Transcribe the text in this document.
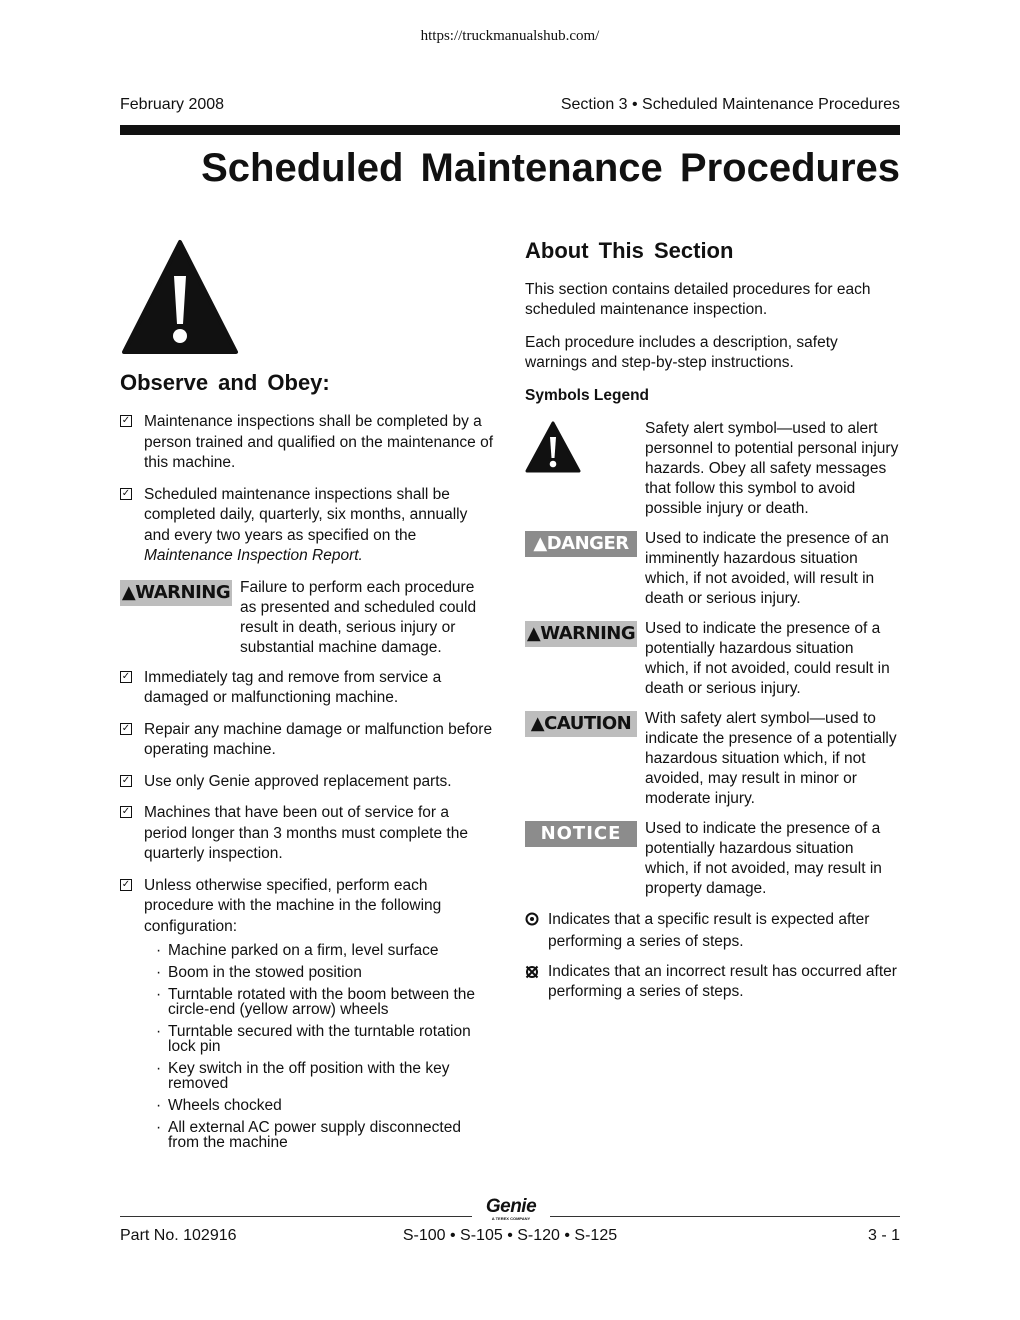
https://truckmanualshub.com/
February 2008	Section 3 • Scheduled Maintenance Procedures
Scheduled Maintenance Procedures
Observe and Obey:
✓ Maintenance inspections shall be completed by a person trained and qualified on the maintenance of this machine.
✓ Scheduled maintenance inspections shall be completed daily, quarterly, six months, annually and every two years as specified on the Maintenance Inspection Report.
▲WARNING Failure to perform each procedure as presented and scheduled could result in death, serious injury or substantial machine damage.

✓ Immediately tag and remove from service a damaged or malfunctioning machine.
✓ Repair any machine damage or malfunction before operating machine.
✓ Use only Genie approved replacement parts.
✓ Machines that have been out of service for a period longer than 3 months must complete the quarterly inspection.
✓ Unless otherwise specified, perform each procedure with the machine in the following configuration:
· Machine parked on a firm, level surface
· Boom in the stowed position
· Turntable rotated with the boom between the circle-end (yellow arrow) wheels
· Turntable secured with the turntable rotation lock pin
· Key switch in the off position with the key removed
· Wheels chocked
· All external AC power supply disconnected from the machine
About This Section

This section contains detailed procedures for each scheduled maintenance inspection.

Each procedure includes a description, safety warnings and step-by-step instructions.

Symbols Legend
Safety alert symbol—used to alert personnel to potential personal injury hazards. Obey all safety messages that follow this symbol to avoid possible injury or death.
▲DANGER	Used to indicate the presence of an imminently hazardous situation which, if not avoided, will result in death or serious injury.
▲WARNING Used to indicate the presence of a potentially hazardous situation which, if not avoided, could result in death or serious injury.
▲CAUTION With safety alert symbol—used to indicate the presence of a potentially hazardous situation which, if not avoided, may result in minor or moderate injury.
NOTICE	Used to indicate the presence of a potentially hazardous situation which, if not avoided, may result in property damage.

Indicates that a specific result is expected after performing a series of steps.

Indicates that an incorrect result has occurred after performing a series of steps.

Genie
A TEREX COMPANY
Part No. 102916	S-100 • S-105 • S-120 • S-125	3 - 1
